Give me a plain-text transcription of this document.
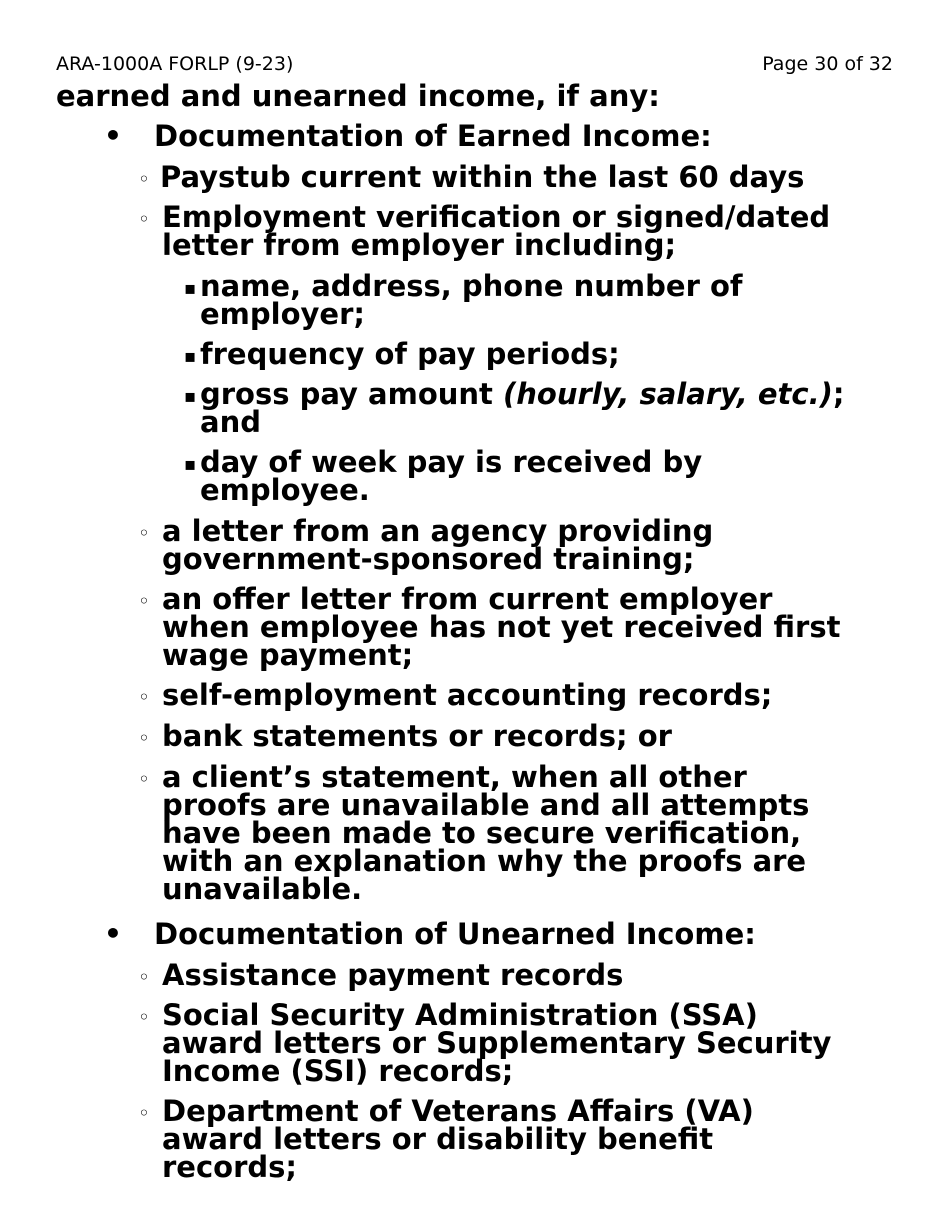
ARA-1000A FORLP (9-23)	Page 30 of 32
earned and unearned income, if any:
• Documentation of Earned Income:
◦ Paystub current within the last 60 days
◦ Employment verification or signed/dated
letter from employer including;
▪ name, address, phone number of
employer;
▪ frequency of pay periods;
▪ gross pay amount (hourly, salary, etc.);
and
▪ day of week pay is received by
employee.
◦ a letter from an agency providing
government-sponsored training;
◦ an offer letter from current employer
when employee has not yet received first
wage payment;
◦ self-employment accounting records;
◦ bank statements or records; or
◦ a client’s statement, when all other
proofs are unavailable and all attempts
have been made to secure verification,
with an explanation why the proofs are
unavailable.
• Documentation of Unearned Income:
◦ Assistance payment records
◦ Social Security Administration (SSA)
award letters or Supplementary Security
Income (SSI) records;
◦ Department of Veterans Affairs (VA)
award letters or disability benefit
records;
